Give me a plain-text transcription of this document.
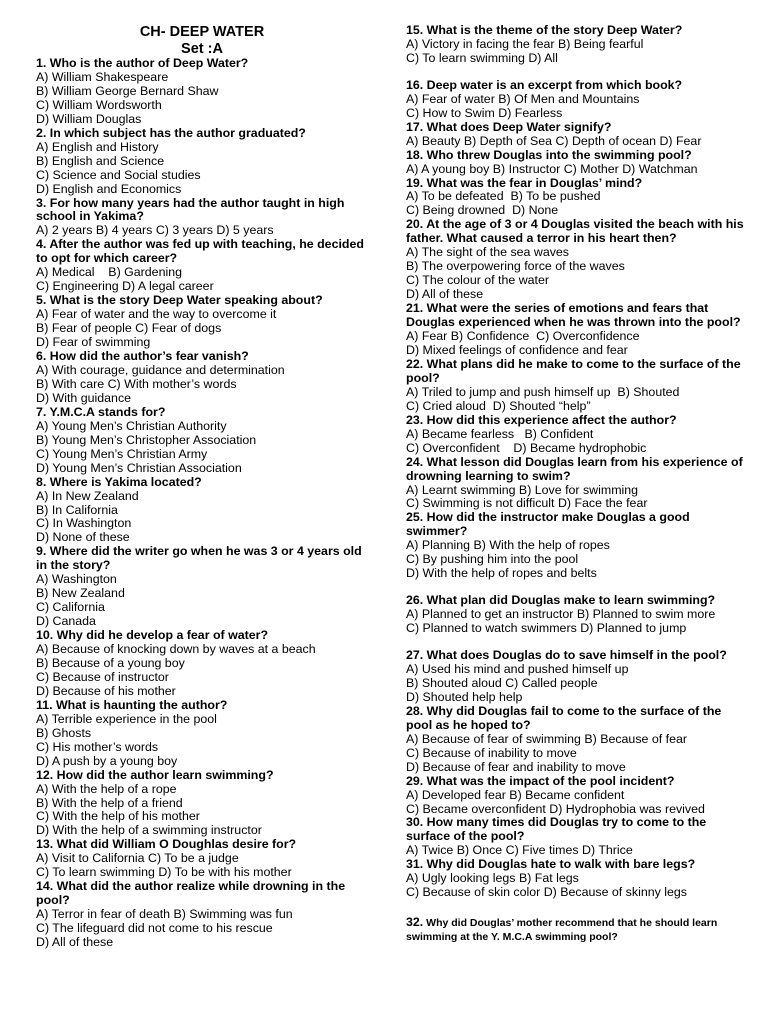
CH- DEEP WATER
Set :A
1. Who is the author of Deep Water?
A) William Shakespeare
B) William George Bernard Shaw
C) William Wordsworth
D) William Douglas
2. In which subject has the author graduated?
A) English and History
B) English and Science
C) Science and Social studies
D) English and Economics
3. For how many years had the author taught in high school in Yakima?
A) 2 years B) 4 years C) 3 years D) 5 years
4. After the author was fed up with teaching, he decided to opt for which career?
A) Medical    B) Gardening
C) Engineering D) A legal career
5. What is the story Deep Water speaking about?
A) Fear of water and the way to overcome it
B) Fear of people C) Fear of dogs
D) Fear of swimming
6. How did the author’s fear vanish?
A) With courage, guidance and determination
B) With care C) With mother’s words
D) With guidance
7. Y.M.C.A stands for?
A) Young Men’s Christian Authority
B) Young Men’s Christopher Association
C) Young Men’s Christian Army
D) Young Men’s Christian Association
8. Where is Yakima located?
A) In New Zealand
B) In California
C) In Washington
D) None of these
9. Where did the writer go when he was 3 or 4 years old in the story?
A) Washington
B) New Zealand
C) California
D) Canada
10. Why did he develop a fear of water?
A) Because of knocking down by waves at a beach
B) Because of a young boy
C) Because of instructor
D) Because of his mother
11. What is haunting the author?
A) Terrible experience in the pool
B) Ghosts
C) His mother’s words
D) A push by a young boy
12. How did the author learn swimming?
A) With the help of a rope
B) With the help of a friend
C) With the help of his mother
D) With the help of a swimming instructor
13. What did William O Doughlas desire for?
A) Visit to California C) To be a judge
C) To learn swimming D) To be with his mother
14. What did the author realize while drowning in the pool?
A) Terror in fear of death B) Swimming was fun
C) The lifeguard did not come to his rescue
D) All of these
15. What is the theme of the story Deep Water?
A) Victory in facing the fear B) Being fearful
C) To learn swimming D) All
16. Deep water is an excerpt from which book?
A) Fear of water B) Of Men and Mountains
C) How to Swim D) Fearless
17. What does Deep Water signify?
A) Beauty B) Depth of Sea C) Depth of ocean D) Fear
18. Who threw Douglas into the swimming pool?
A) A young boy B) Instructor C) Mother D) Watchman
19. What was the fear in Douglas’ mind?
A) To be defeated  B) To be pushed
C) Being drowned  D) None
20. At the age of 3 or 4 Douglas visited the beach with his father. What caused a terror in his heart then?
A) The sight of the sea waves
B) The overpowering force of the waves
C) The colour of the water
D) All of these
21. What were the series of emotions and fears that Douglas experienced when he was thrown into the pool?
A) Fear B) Confidence  C) Overconfidence
D) Mixed feelings of confidence and fear
22. What plans did he make to come to the surface of the pool?
A) Triled to jump and push himself up  B) Shouted
C) Cried aloud  D) Shouted “help”
23. How did this experience affect the author?
A) Became fearless   B) Confident
C) Overconfident    D) Became hydrophobic
24. What lesson did Douglas learn from his experience of drowning learning to swim?
A) Learnt swimming B) Love for swimming
C) Swimming is not difficult D) Face the fear
25. How did the instructor make Douglas a good swimmer?
A) Planning B) With the help of ropes
C) By pushing him into the pool
D) With the help of ropes and belts
26. What plan did Douglas make to learn swimming?
A) Planned to get an instructor B) Planned to swim more
C) Planned to watch swimmers D) Planned to jump
27. What does Douglas do to save himself in the pool?
A) Used his mind and pushed himself up
B) Shouted aloud C) Called people
D) Shouted help help
28. Why did Douglas fail to come to the surface of the pool as he hoped to?
A) Because of fear of swimming B) Because of fear
C) Because of inability to move
D) Because of fear and inability to move
29. What was the impact of the pool incident?
A) Developed fear B) Became confident
C) Became overconfident D) Hydrophobia was revived
30. How many times did Douglas try to come to the surface of the pool?
A) Twice B) Once C) Five times D) Thrice
31. Why did Douglas hate to walk with bare legs?
A) Ugly looking legs B) Fat legs
C) Because of skin color D) Because of skinny legs
32. Why did Douglas’ mother recommend that he should learn swimming at the Y. M.C.A swimming pool?
